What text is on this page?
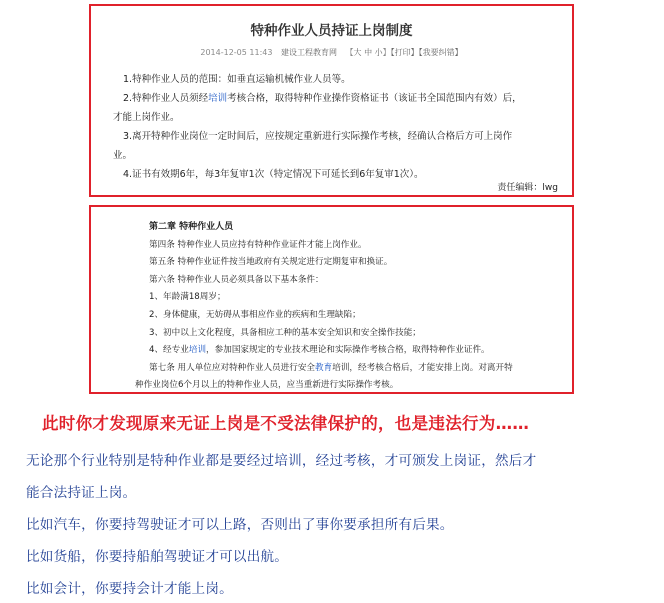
特种作业人员持证上岗制度
2014-12-05 11:43 建设工程教育网 【大 中 小】【打印】【我要纠错】

1.特种作业人员的范围：如垂直运输机械作业人员等。

2.特种作业人员须经培训考核合格，取得特种作业操作资格证书（该证书全国范围内有效）后，

才能上岗作业。

3.离开特种作业岗位一定时间后，应按规定重新进行实际操作考核，经确认合格后方可上岗作

业。

4.证书有效期6年，每3年复审1次（特定情况下可延长到6年复审1次）。

责任编辑：lwg

第二章 特种作业人员

第四条 特种作业人员应持有特种作业证件才能上岗作业。

第五条 特种作业证件按当地政府有关规定进行定期复审和换证。

第六条 特种作业人员必须具备以下基本条件：

1、年龄满18周岁；

2、身体健康，无妨碍从事相应作业的疾病和生理缺陷；

3、初中以上文化程度，具备相应工种的基本安全知识和安全操作技能；

4、经专业培训，参加国家规定的专业技术理论和实际操作考核合格，取得特种作业证件。

第七条 用人单位应对特种作业人员进行安全教育培训，经考核合格后，才能安排上岗。对离开特

种作业岗位6个月以上的特种作业人员，应当重新进行实际操作考核。

此时你才发现原来无证上岗是不受法律保护的，也是违法行为……
无论那个行业特别是特种作业都是要经过培训，经过考核，才可颁发上岗证，然后才
能合法持证上岗。
比如汽车，你要持驾驶证才可以上路，否则出了事你要承担所有后果。
比如货船，你要持船舶驾驶证才可以出航。
比如会计，你要持会计才能上岗。
